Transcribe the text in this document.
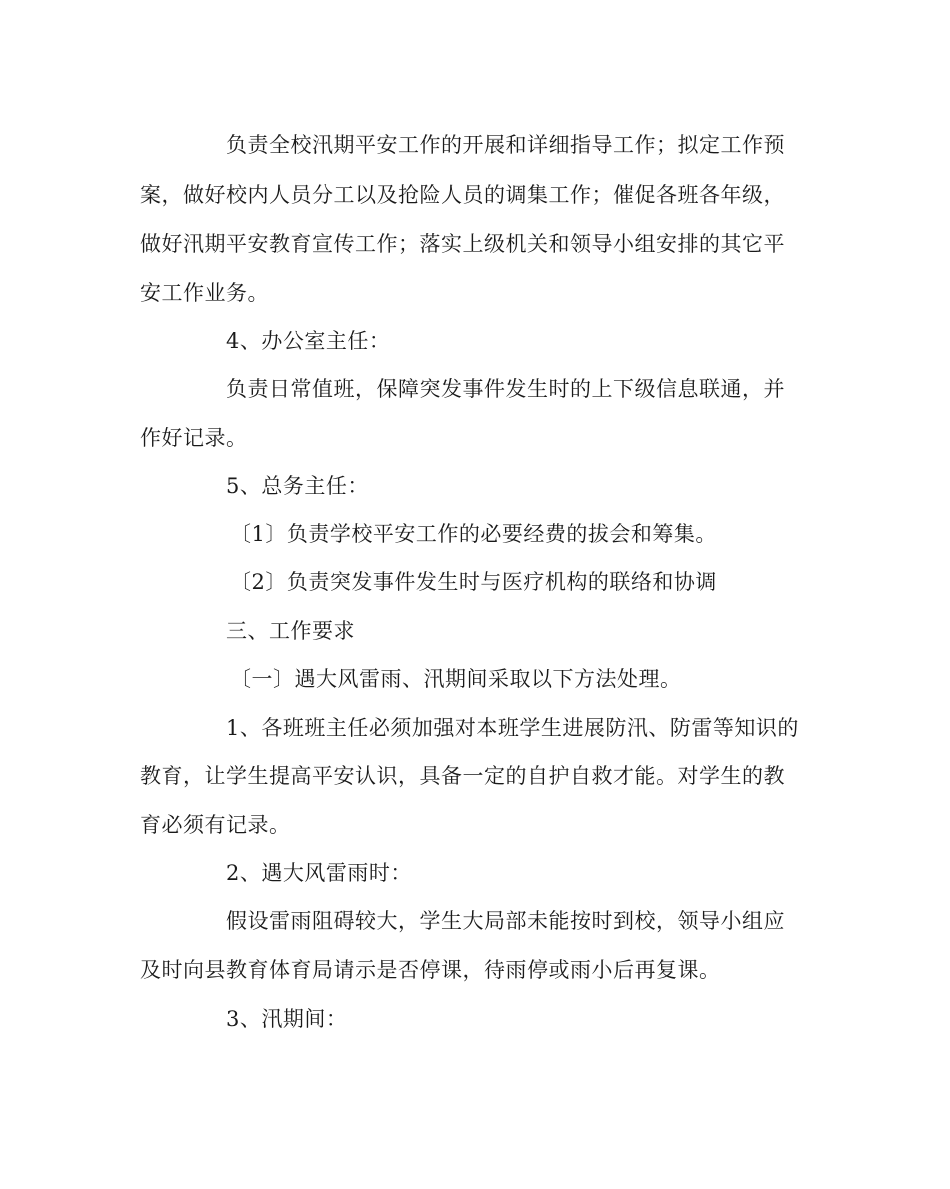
负责全校汛期平安工作的开展和详细指导工作；拟定工作预
案，做好校内人员分工以及抢险人员的调集工作；催促各班各年级，
做好汛期平安教育宣传工作；落实上级机关和领导小组安排的其它平
安工作业务。
4、办公室主任：
负责日常值班，保障突发事件发生时的上下级信息联通，并
作好记录。
5、总务主任：
〔1〕负责学校平安工作的必要经费的拔会和筹集。
〔2〕负责突发事件发生时与医疗机构的联络和协调
三、工作要求
〔一〕遇大风雷雨、汛期间采取以下方法处理。
1、各班班主任必须加强对本班学生进展防汛、防雷等知识的
教育，让学生提高平安认识，具备一定的自护自救才能。对学生的教
育必须有记录。
2、遇大风雷雨时：
假设雷雨阻碍较大，学生大局部未能按时到校，领导小组应
及时向县教育体育局请示是否停课，待雨停或雨小后再复课。
3、汛期间：
